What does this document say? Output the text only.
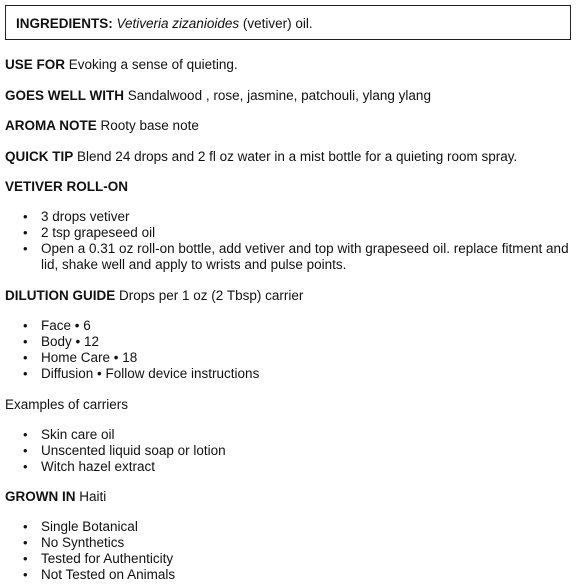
INGREDIENTS: Vetiveria zizanioides (vetiver) oil.
USE FOR Evoking a sense of quieting.
GOES WELL WITH Sandalwood , rose, jasmine, patchouli, ylang ylang
AROMA NOTE Rooty base note
QUICK TIP Blend 24 drops and 2 fl oz water in a mist bottle for a quieting room spray.
VETIVER ROLL-ON
• 3 drops vetiver
• 2 tsp grapeseed oil
• Open a 0.31 oz roll-on bottle, add vetiver and top with grapeseed oil. replace fitment and lid, shake well and apply to wrists and pulse points.
DILUTION GUIDE Drops per 1 oz (2 Tbsp) carrier
• Face • 6
• Body • 12
• Home Care • 18
• Diffusion • Follow device instructions
Examples of carriers
• Skin care oil
• Unscented liquid soap or lotion
• Witch hazel extract
GROWN IN Haiti
• Single Botanical
• No Synthetics
• Tested for Authenticity
• Not Tested on Animals
